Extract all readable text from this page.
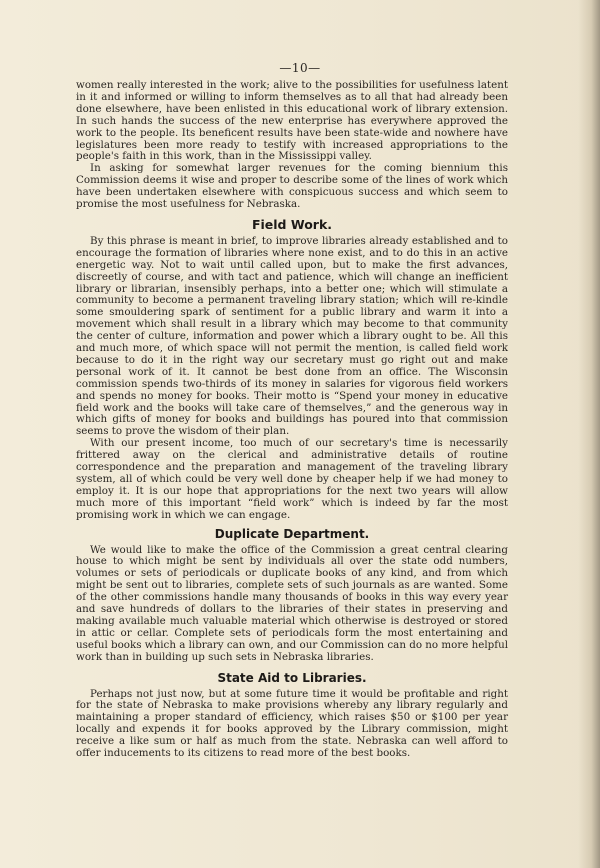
—10—

women really interested in the work; alive to the possibilities for usefulness latent in it and informed or willing to inform themselves as to all that had already been done elsewhere, have been enlisted in this educational work of library extension. In such hands the success of the new enterprise has everywhere approved the work to the people. Its beneficent results have been state-wide and nowhere have legislatures been more ready to testify with increased appropriations to the people's faith in this work, than in the Mississippi valley.

In asking for somewhat larger revenues for the coming biennium this Commission deems it wise and proper to describe some of the lines of work which have been undertaken elsewhere with conspicuous success and which seem to promise the most usefulness for Nebraska.

Field Work.

By this phrase is meant in brief, to improve libraries already established and to encourage the formation of libraries where none exist, and to do this in an active energetic way. Not to wait until called upon, but to make the first advances, discreetly of course, and with tact and patience, which will change an inefficient library or librarian, insensibly perhaps, into a better one; which will stimulate a community to become a permanent traveling library station; which will re-kindle some smouldering spark of sentiment for a public library and warm it into a movement which shall result in a library which may become to that community the center of culture, information and power which a library ought to be. All this and much more, of which space will not permit the mention, is called field work because to do it in the right way our secretary must go right out and make personal work of it. It cannot be best done from an office. The Wisconsin commission spends two-thirds of its money in salaries for vigorous field workers and spends no money for books. Their motto is “Spend your money in educative field work and the books will take care of themselves,” and the generous way in which gifts of money for books and buildings has poured into that commission seems to prove the wisdom of their plan.

With our present income, too much of our secretary's time is necessarily frittered away on the clerical and administrative details of routine correspondence and the preparation and management of the traveling library system, all of which could be very well done by cheaper help if we had money to employ it. It is our hope that appropriations for the next two years will allow much more of this important “field work” which is indeed by far the most promising work in which we can engage.

Duplicate Department.

We would like to make the office of the Commission a great central clearing house to which might be sent by individuals all over the state odd numbers, volumes or sets of periodicals or duplicate books of any kind, and from which might be sent out to libraries, complete sets of such journals as are wanted. Some of the other commissions handle many thousands of books in this way every year and save hundreds of dollars to the libraries of their states in preserving and making available much valuable material which otherwise is destroyed or stored in attic or cellar. Complete sets of periodicals form the most entertaining and useful books which a library can own, and our Commission can do no more helpful work than in building up such sets in Nebraska libraries.

State Aid to Libraries.

Perhaps not just now, but at some future time it would be profitable and right for the state of Nebraska to make provisions whereby any library regularly and maintaining a proper standard of efficiency, which raises $50 or $100 per year locally and expends it for books approved by the Library commission, might receive a like sum or half as much from the state. Nebraska can well afford to offer inducements to its citizens to read more of the best books.
